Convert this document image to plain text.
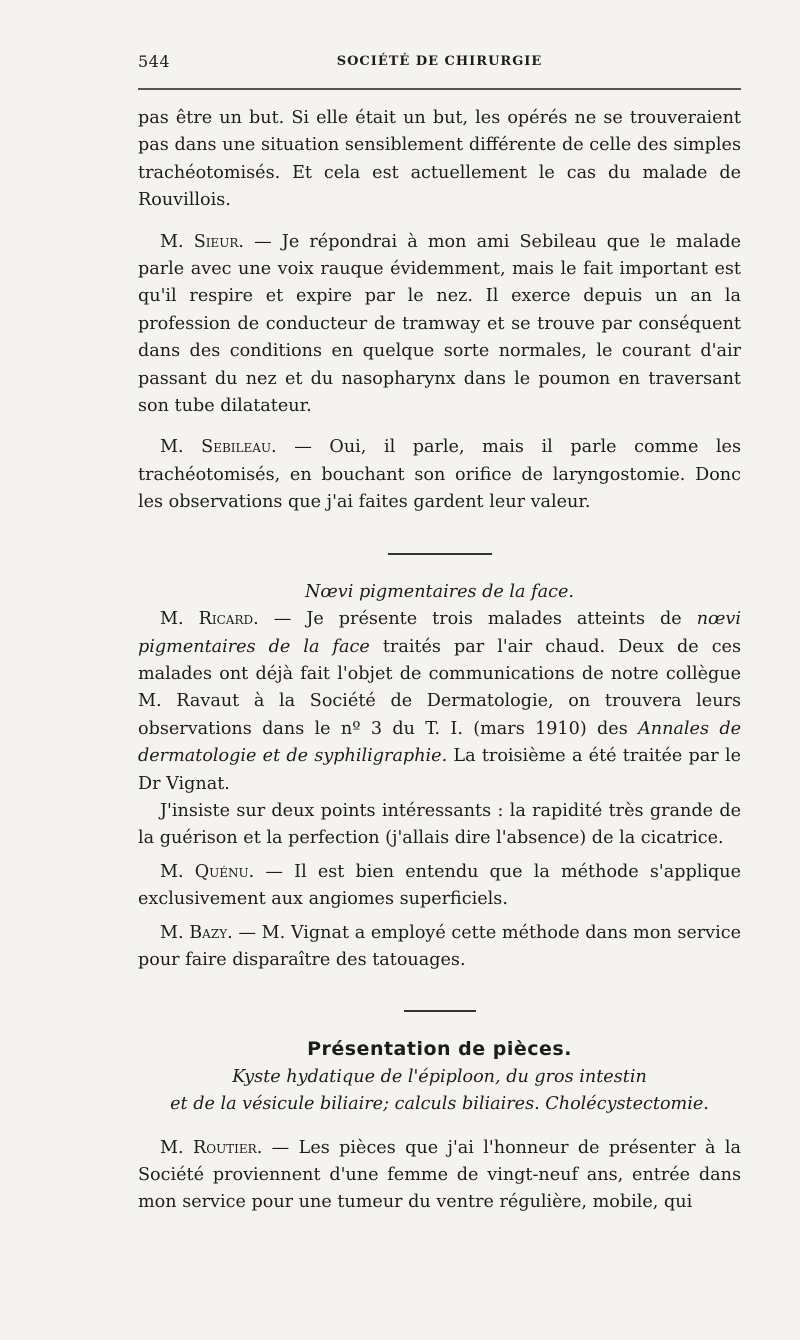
544	SOCIÉTÉ DE CHIRURGIE

pas être un but. Si elle était un but, les opérés ne se trouveraient pas dans une situation sensiblement différente de celle des simples trachéotomisés. Et cela est actuellement le cas du malade de Rouvillois.

M. Sieur. — Je répondrai à mon ami Sebileau que le malade parle avec une voix rauque évidemment, mais le fait important est qu'il respire et expire par le nez. Il exerce depuis un an la profession de conducteur de tramway et se trouve par conséquent dans des conditions en quelque sorte normales, le courant d'air passant du nez et du nasopharynx dans le poumon en traversant son tube dilatateur.

M. Sebileau. — Oui, il parle, mais il parle comme les trachéotomisés, en bouchant son orifice de laryngostomie. Donc les observations que j'ai faites gardent leur valeur.

Nœvi pigmentaires de la face.

M. Ricard. — Je présente trois malades atteints de nœvi pigmentaires de la face traités par l'air chaud. Deux de ces malades ont déjà fait l'objet de communications de notre collègue M. Ravaut à la Société de Dermatologie, on trouvera leurs observations dans le nº 3 du T. I. (mars 1910) des Annales de dermatologie et de syphiligraphie. La troisième a été traitée par le Dr Vignat.

J'insiste sur deux points intéressants : la rapidité très grande de la guérison et la perfection (j'allais dire l'absence) de la cicatrice.

M. Quénu. — Il est bien entendu que la méthode s'applique exclusivement aux angiomes superficiels.

M. Bazy. — M. Vignat a employé cette méthode dans mon service pour faire disparaître des tatouages.

Présentation de pièces.

Kyste hydatique de l'épiploon, du gros intestin
et de la vésicule biliaire; calculs biliaires. Cholécystectomie.

M. Routier. — Les pièces que j'ai l'honneur de présenter à la Société proviennent d'une femme de vingt-neuf ans, entrée dans mon service pour une tumeur du ventre régulière, mobile, qui
